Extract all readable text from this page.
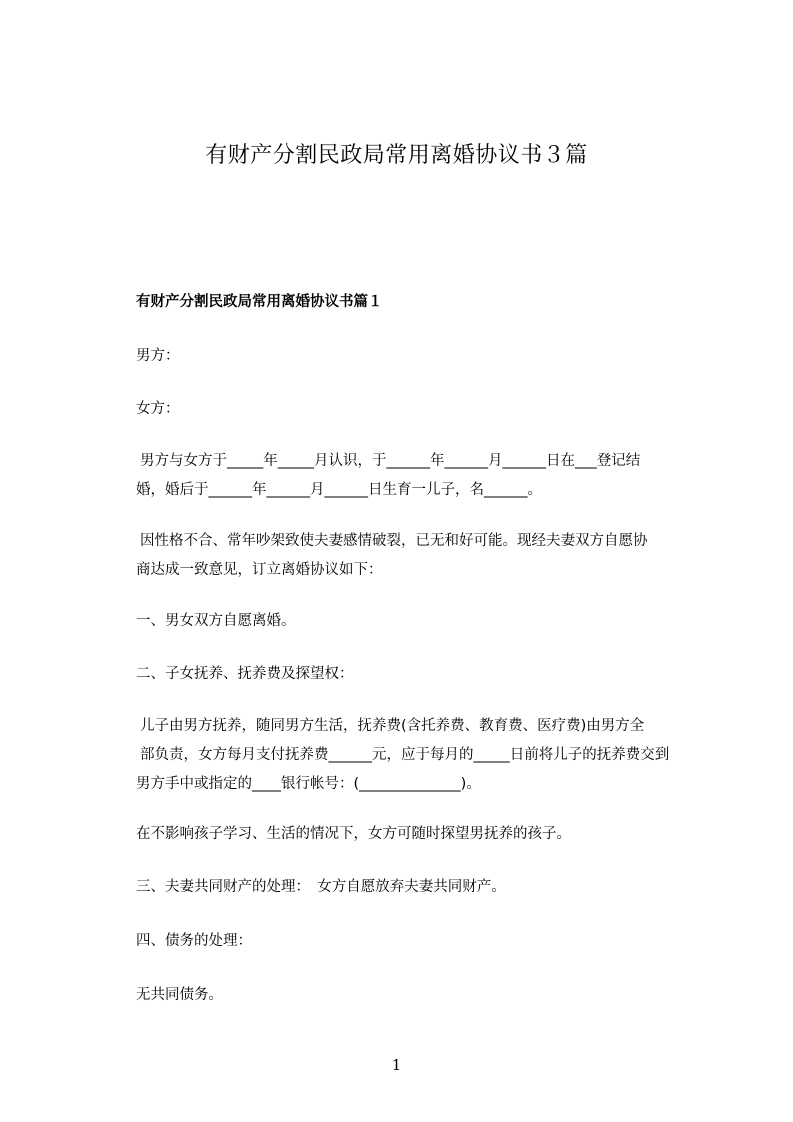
有财产分割民政局常用离婚协议书３篇
有财产分割民政局常用离婚协议书篇１
男方：
女方：
男方与女方于_____年_____月认识，于______年______月______日在___登记结
婚，婚后于______年______月______日生育一儿子，名______。
因性格不合、常年吵架致使夫妻感情破裂，已无和好可能。现经夫妻双方自愿协
商达成一致意见，订立离婚协议如下：
一、男女双方自愿离婚。
二、子女抚养、抚养费及探望权：
儿子由男方抚养，随同男方生活，抚养费(含托养费、教育费、医疗费)由男方全
部负责，女方每月支付抚养费______元，应于每月的_____日前将儿子的抚养费交到
男方手中或指定的____银行帐号：(______________)。
在不影响孩子学习、生活的情况下，女方可随时探望男抚养的孩子。
三、夫妻共同财产的处理：　女方自愿放弃夫妻共同财产。
四、债务的处理：
无共同债务。
1
